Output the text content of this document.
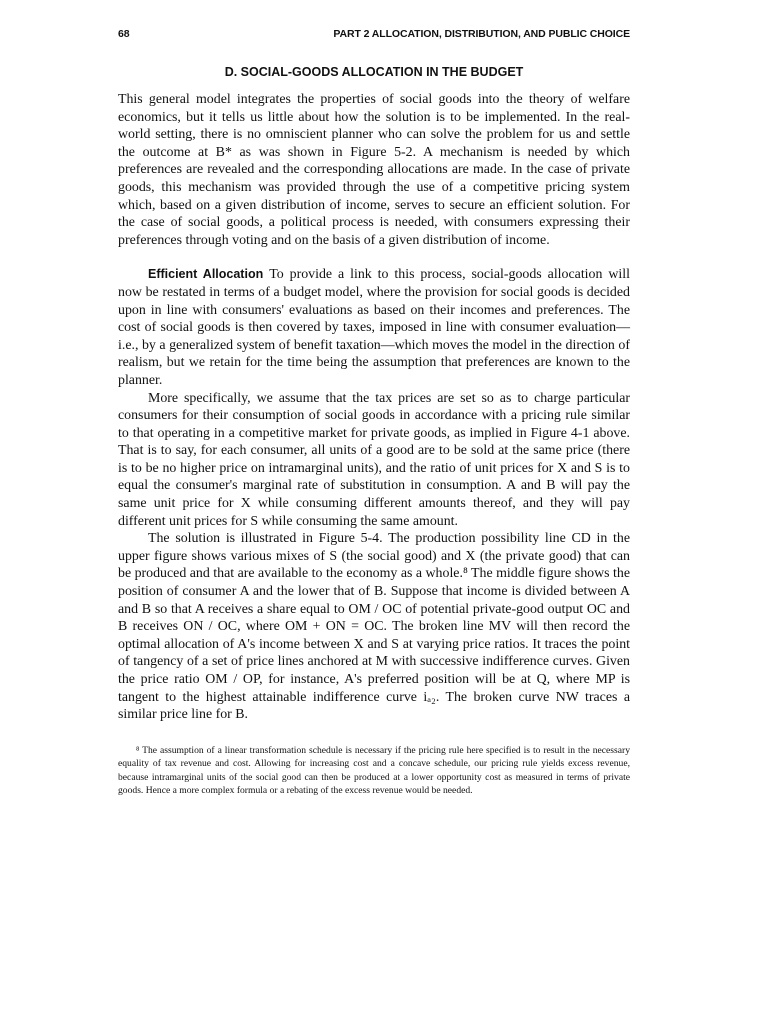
68	PART 2 ALLOCATION, DISTRIBUTION, AND PUBLIC CHOICE
D. SOCIAL-GOODS ALLOCATION IN THE BUDGET

This general model integrates the properties of social goods into the theory of welfare economics, but it tells us little about how the solution is to be implemented. In the real-world setting, there is no omniscient planner who can solve the problem for us and settle the outcome at B* as was shown in Figure 5-2. A mechanism is needed by which preferences are revealed and the corresponding allocations are made. In the case of private goods, this mechanism was provided through the use of a competitive pricing system which, based on a given distribution of income, serves to secure an efficient solution. For the case of social goods, a political process is needed, with consumers expressing their preferences through voting and on the basis of a given distribution of income.

Efficient Allocation To provide a link to this process, social-goods allocation will now be restated in terms of a budget model, where the provision for social goods is decided upon in line with consumers' evaluations as based on their incomes and preferences. The cost of social goods is then covered by taxes, imposed in line with consumer evaluation—i.e., by a generalized system of benefit taxation—which moves the model in the direction of realism, but we retain for the time being the assumption that preferences are known to the planner.

More specifically, we assume that the tax prices are set so as to charge particular consumers for their consumption of social goods in accordance with a pricing rule similar to that operating in a competitive market for private goods, as implied in Figure 4-1 above. That is to say, for each consumer, all units of a good are to be sold at the same price (there is to be no higher price on intramarginal units), and the ratio of unit prices for X and S is to equal the consumer's marginal rate of substitution in consumption. A and B will pay the same unit price for X while consuming different amounts thereof, and they will pay different unit prices for S while consuming the same amount.

The solution is illustrated in Figure 5-4. The production possibility line CD in the upper figure shows various mixes of S (the social good) and X (the private good) that can be produced and that are available to the economy as a whole.⁸ The middle figure shows the position of consumer A and the lower that of B. Suppose that income is divided between A and B so that A receives a share equal to OM / OC of potential private-good output OC and B receives ON / OC, where OM + ON = OC. The broken line MV will then record the optimal allocation of A's income between X and S at varying price ratios. It traces the point of tangency of a set of price lines anchored at M with successive indifference curves. Given the price ratio OM / OP, for instance, A's preferred position will be at Q, where MP is tangent to the highest attainable indifference curve iₐ₂. The broken curve NW traces a similar price line for B.

⁸ The assumption of a linear transformation schedule is necessary if the pricing rule here specified is to result in the necessary equality of tax revenue and cost. Allowing for increasing cost and a concave schedule, our pricing rule yields excess revenue, because intramarginal units of the social good can then be produced at a lower opportunity cost as measured in terms of private goods. Hence a more complex formula or a rebating of the excess revenue would be needed.
